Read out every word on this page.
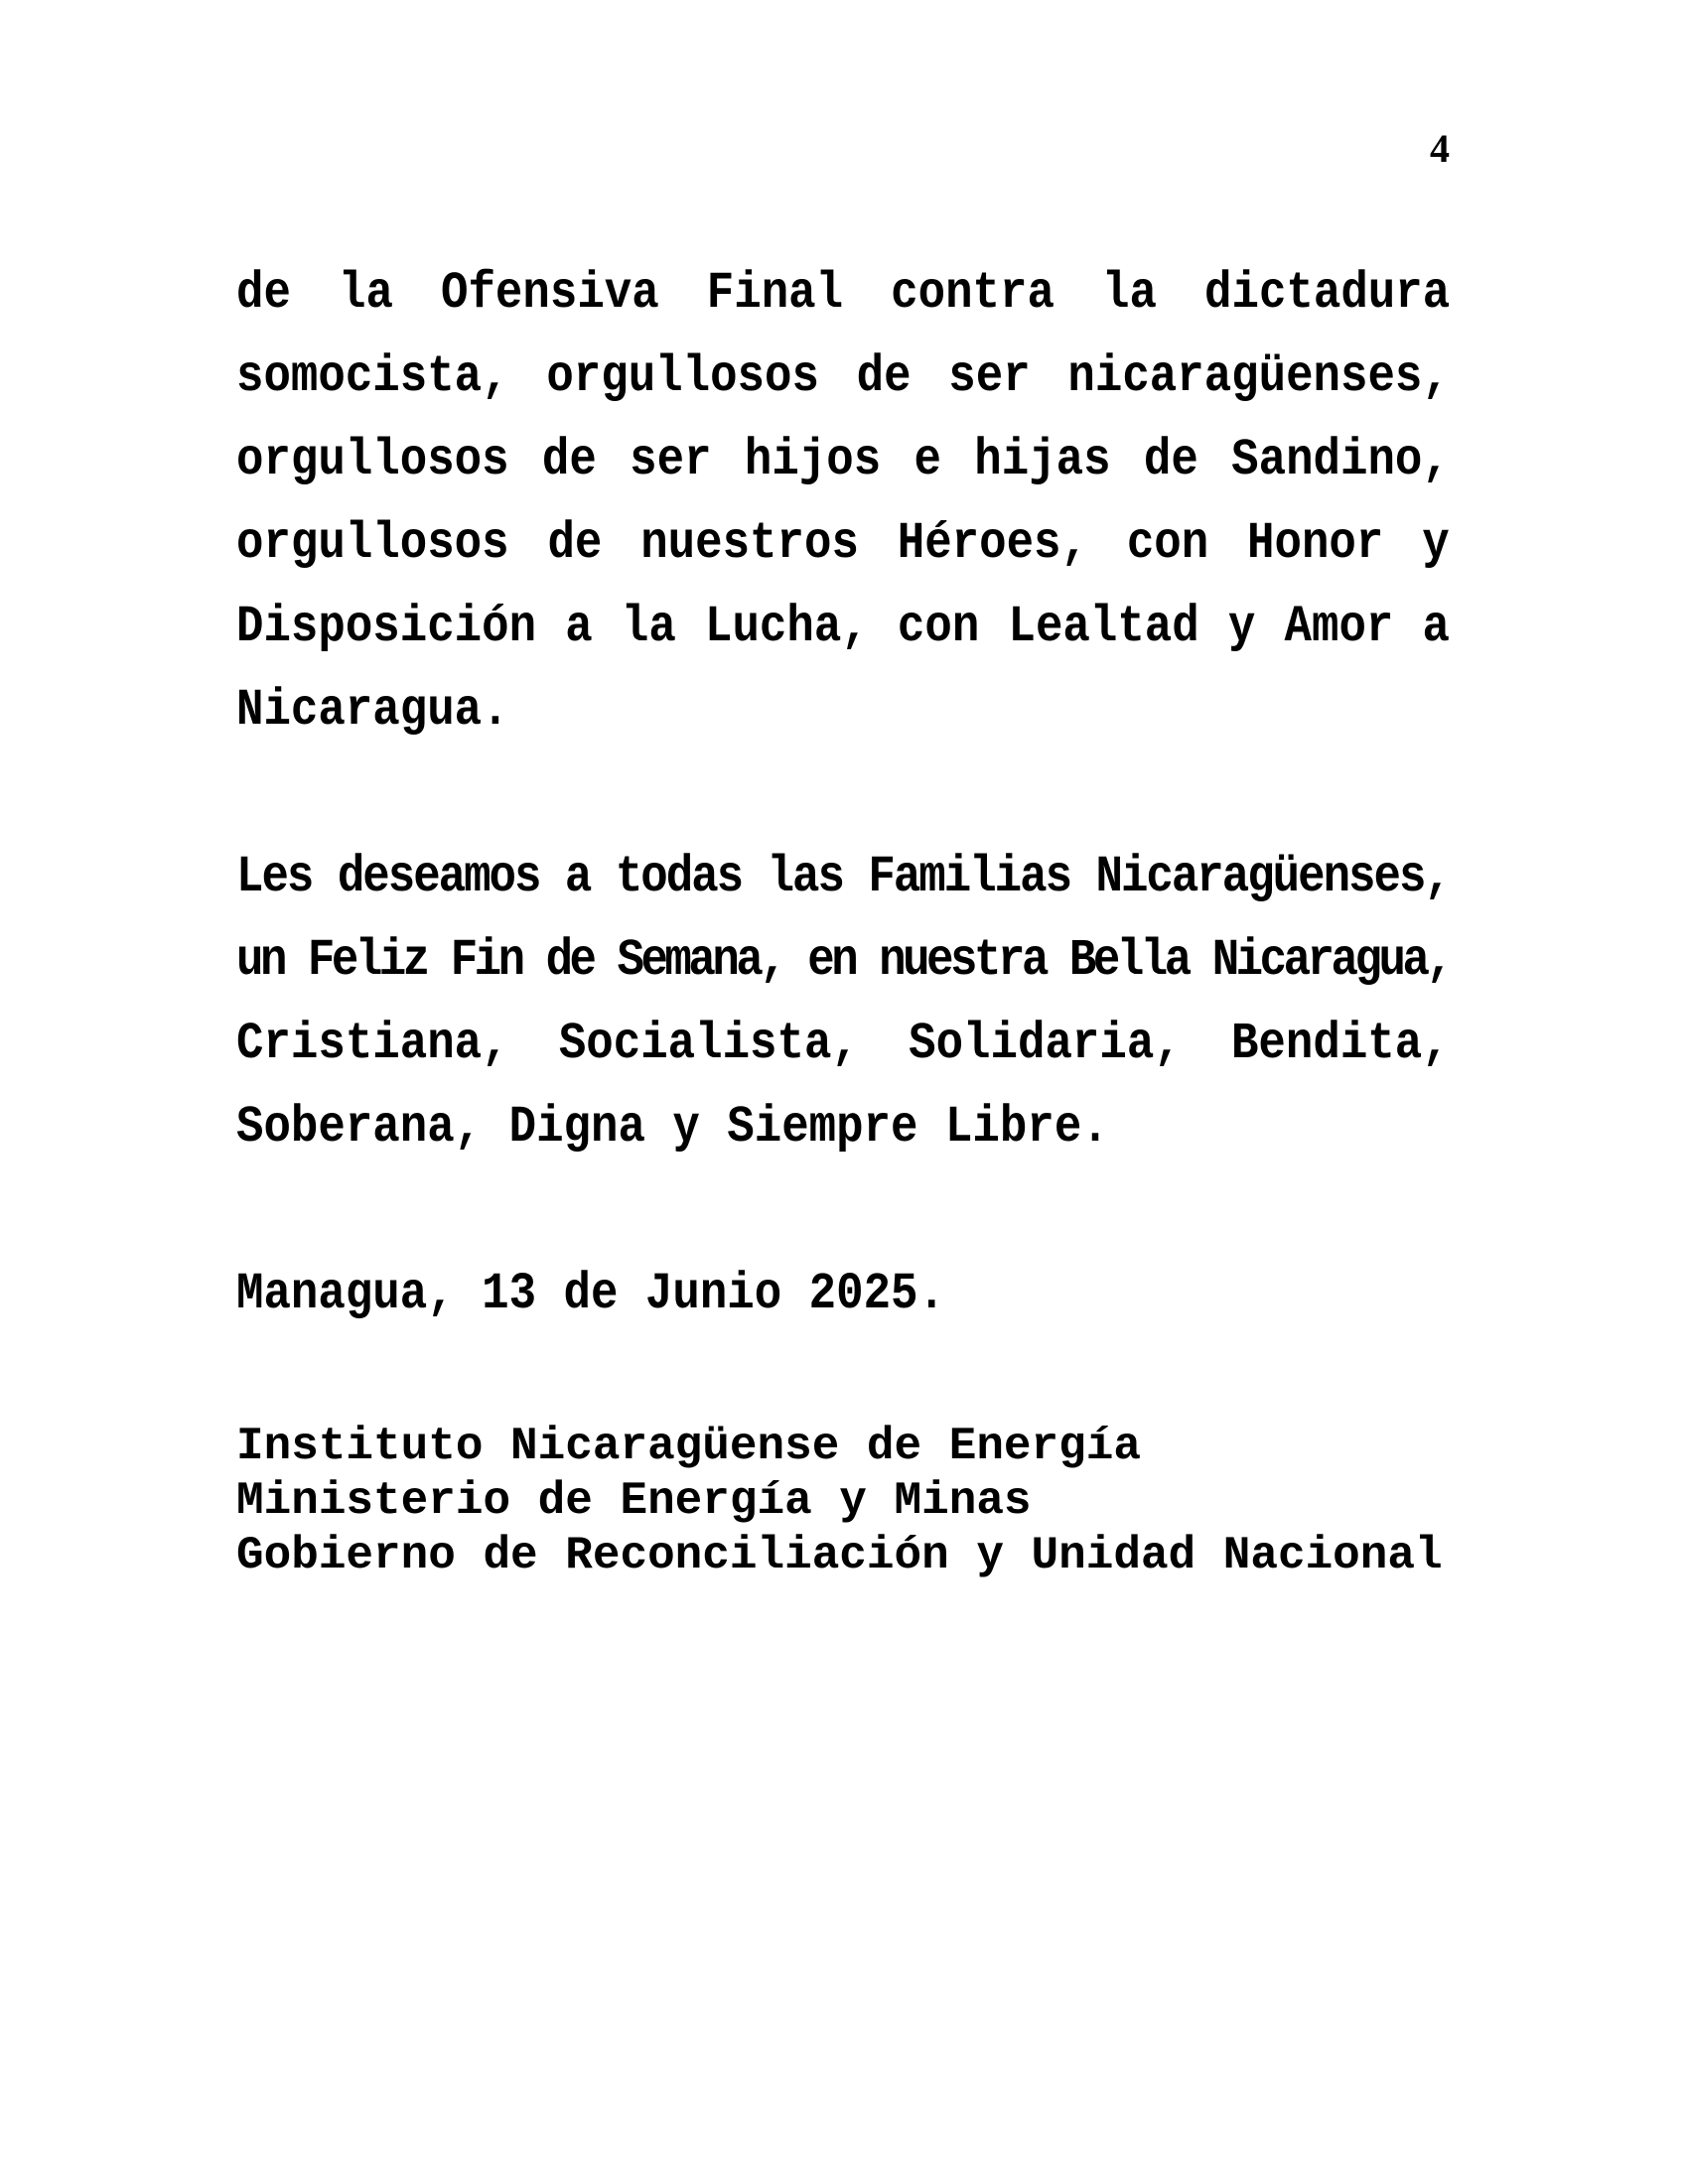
4
de la Ofensiva Final contra la dictadura
somocista, orgullosos de ser nicaragüenses,
orgullosos de ser hijos e hijas de Sandino,
orgullosos de nuestros Héroes, con Honor y
Disposición a la Lucha, con Lealtad y Amor a
Nicaragua.
Les deseamos a todas las Familias Nicaragüenses,
un Feliz Fin de Semana, en nuestra Bella Nicaragua,
Cristiana, Socialista, Solidaria, Bendita,
Soberana, Digna y Siempre Libre.
Managua, 13 de Junio 2025.
Instituto Nicaragüense de Energía
Ministerio de Energía y Minas
Gobierno de Reconciliación y Unidad Nacional
